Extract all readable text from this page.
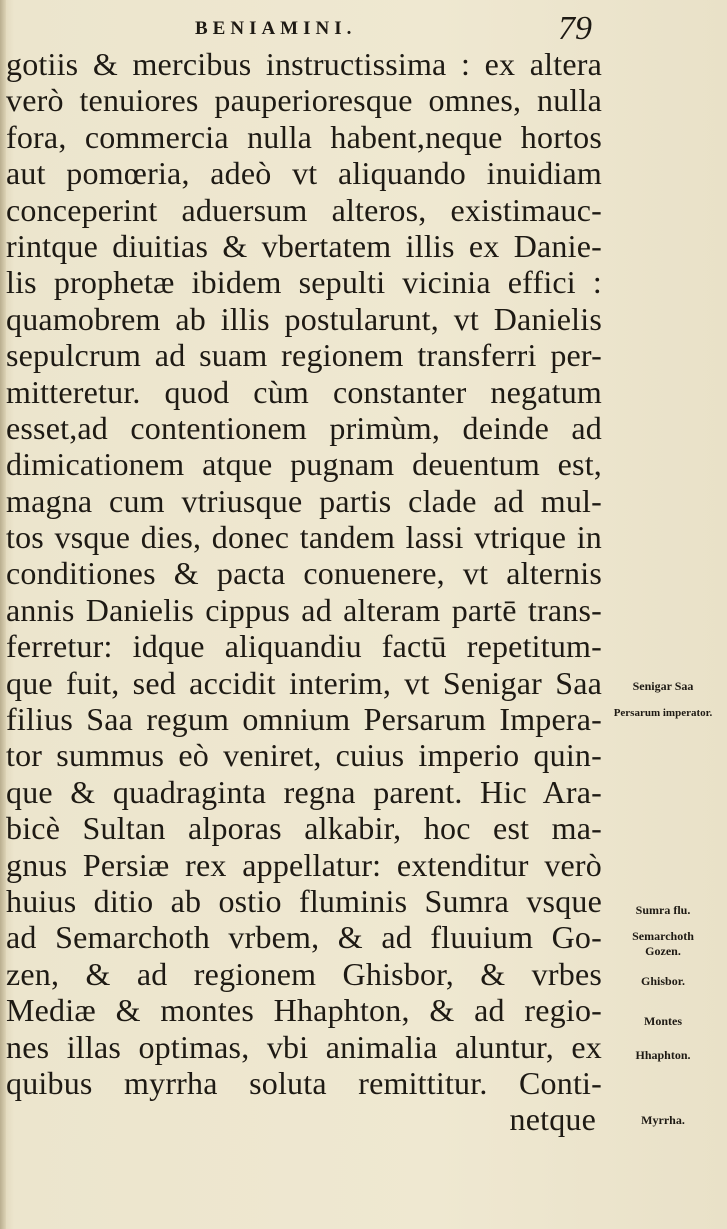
BENIAMINI.	79
gotiis & mercibus instructissima : ex altera
verò tenuiores pauperioresque omnes, nulla
fora, commercia nulla habent,neque hortos
aut pomœria, adeò vt aliquando inuidiam
conceperint aduersum alteros, existimauc-
rintque diuitias & vbertatem illis ex Danie-
lis prophetæ ibidem sepulti vicinia effici :
quamobrem ab illis postularunt, vt Danielis
sepulcrum ad suam regionem transferri per-
mitteretur. quod cùm constanter negatum
esset,ad contentionem primùm, deinde ad
dimicationem atque pugnam deuentum est,
magna cum vtriusque partis clade ad mul-
tos vsque dies, donec tandem lassi vtrique in
conditiones & pacta conuenere, vt alternis
annis Danielis cippus ad alteram partē trans-
ferretur: idque aliquandiu factū repetitum-
que fuit, sed accidit interim, vt Senigar Saa
filius Saa regum omnium Persarum Impera-
tor summus eò veniret, cuius imperio quin-
que & quadraginta regna parent. Hic Ara-
bicè Sultan alporas alkabir, hoc est ma-
gnus Persiæ rex appellatur: extenditur verò
huius ditio ab ostio fluminis Sumra vsque
ad Semarchoth vrbem, & ad fluuium Go-
zen, & ad regionem Ghisbor, & vrbes
Mediæ & montes Hhaphton, & ad regio-
nes illas optimas, vbi animalia aluntur, ex
quibus myrrha soluta remittitur. Conti-
netque
Senigar Saa
Persarum imperator.
Sumra flu.
Semarchoth
Gozen.
Ghisbor.
Montes
Hhaphton.
Myrrha.
